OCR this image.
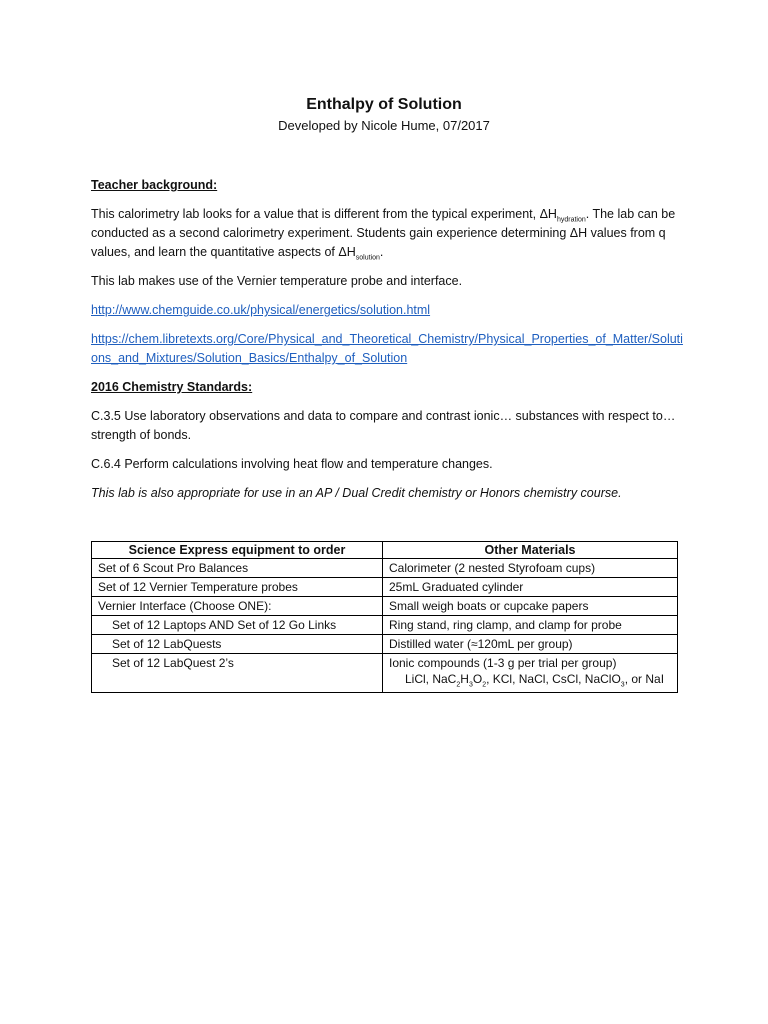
Enthalpy of Solution
Developed by Nicole Hume, 07/2017

Teacher background:

This calorimetry lab looks for a value that is different from the typical experiment, $\Delta H_{hydration}$. The lab can be conducted as a second calorimetry experiment. Students gain experience determining ΔH values from q values, and learn the quantitative aspects of $\Delta H_{solution}$.

This lab makes use of the Vernier temperature probe and interface.

http://www.chemguide.co.uk/physical/energetics/solution.html

https://chem.libretexts.org/Core/Physical_and_Theoretical_Chemistry/Physical_Properties_of_Matter/Solutions_and_Mixtures/Solution_Basics/Enthalpy_of_Solution

2016 Chemistry Standards:

C.3.5 Use laboratory observations and data to compare and contrast ionic… substances with respect to… strength of bonds.

C.6.4 Perform calculations involving heat flow and temperature changes.

This lab is also appropriate for use in an AP / Dual Credit chemistry or Honors chemistry course.

Science Express equipment to order	Other Materials
Set of 6 Scout Pro Balances	Calorimeter (2 nested Styrofoam cups)
Set of 12 Vernier Temperature probes	25mL Graduated cylinder
Vernier Interface (Choose ONE):	Small weigh boats or cupcake papers
Set of 12 Laptops AND Set of 12 Go Links	Ring stand, ring clamp, and clamp for probe
Set of 12 LabQuests	Distilled water (≈120mL per group)
Set of 12 LabQuest 2’s	Ionic compounds (1-3 g per trial per group)
LiCl, $NaC_2H_3O_2$, KCl, NaCl, CsCl, NaClO$_3$, or NaI
